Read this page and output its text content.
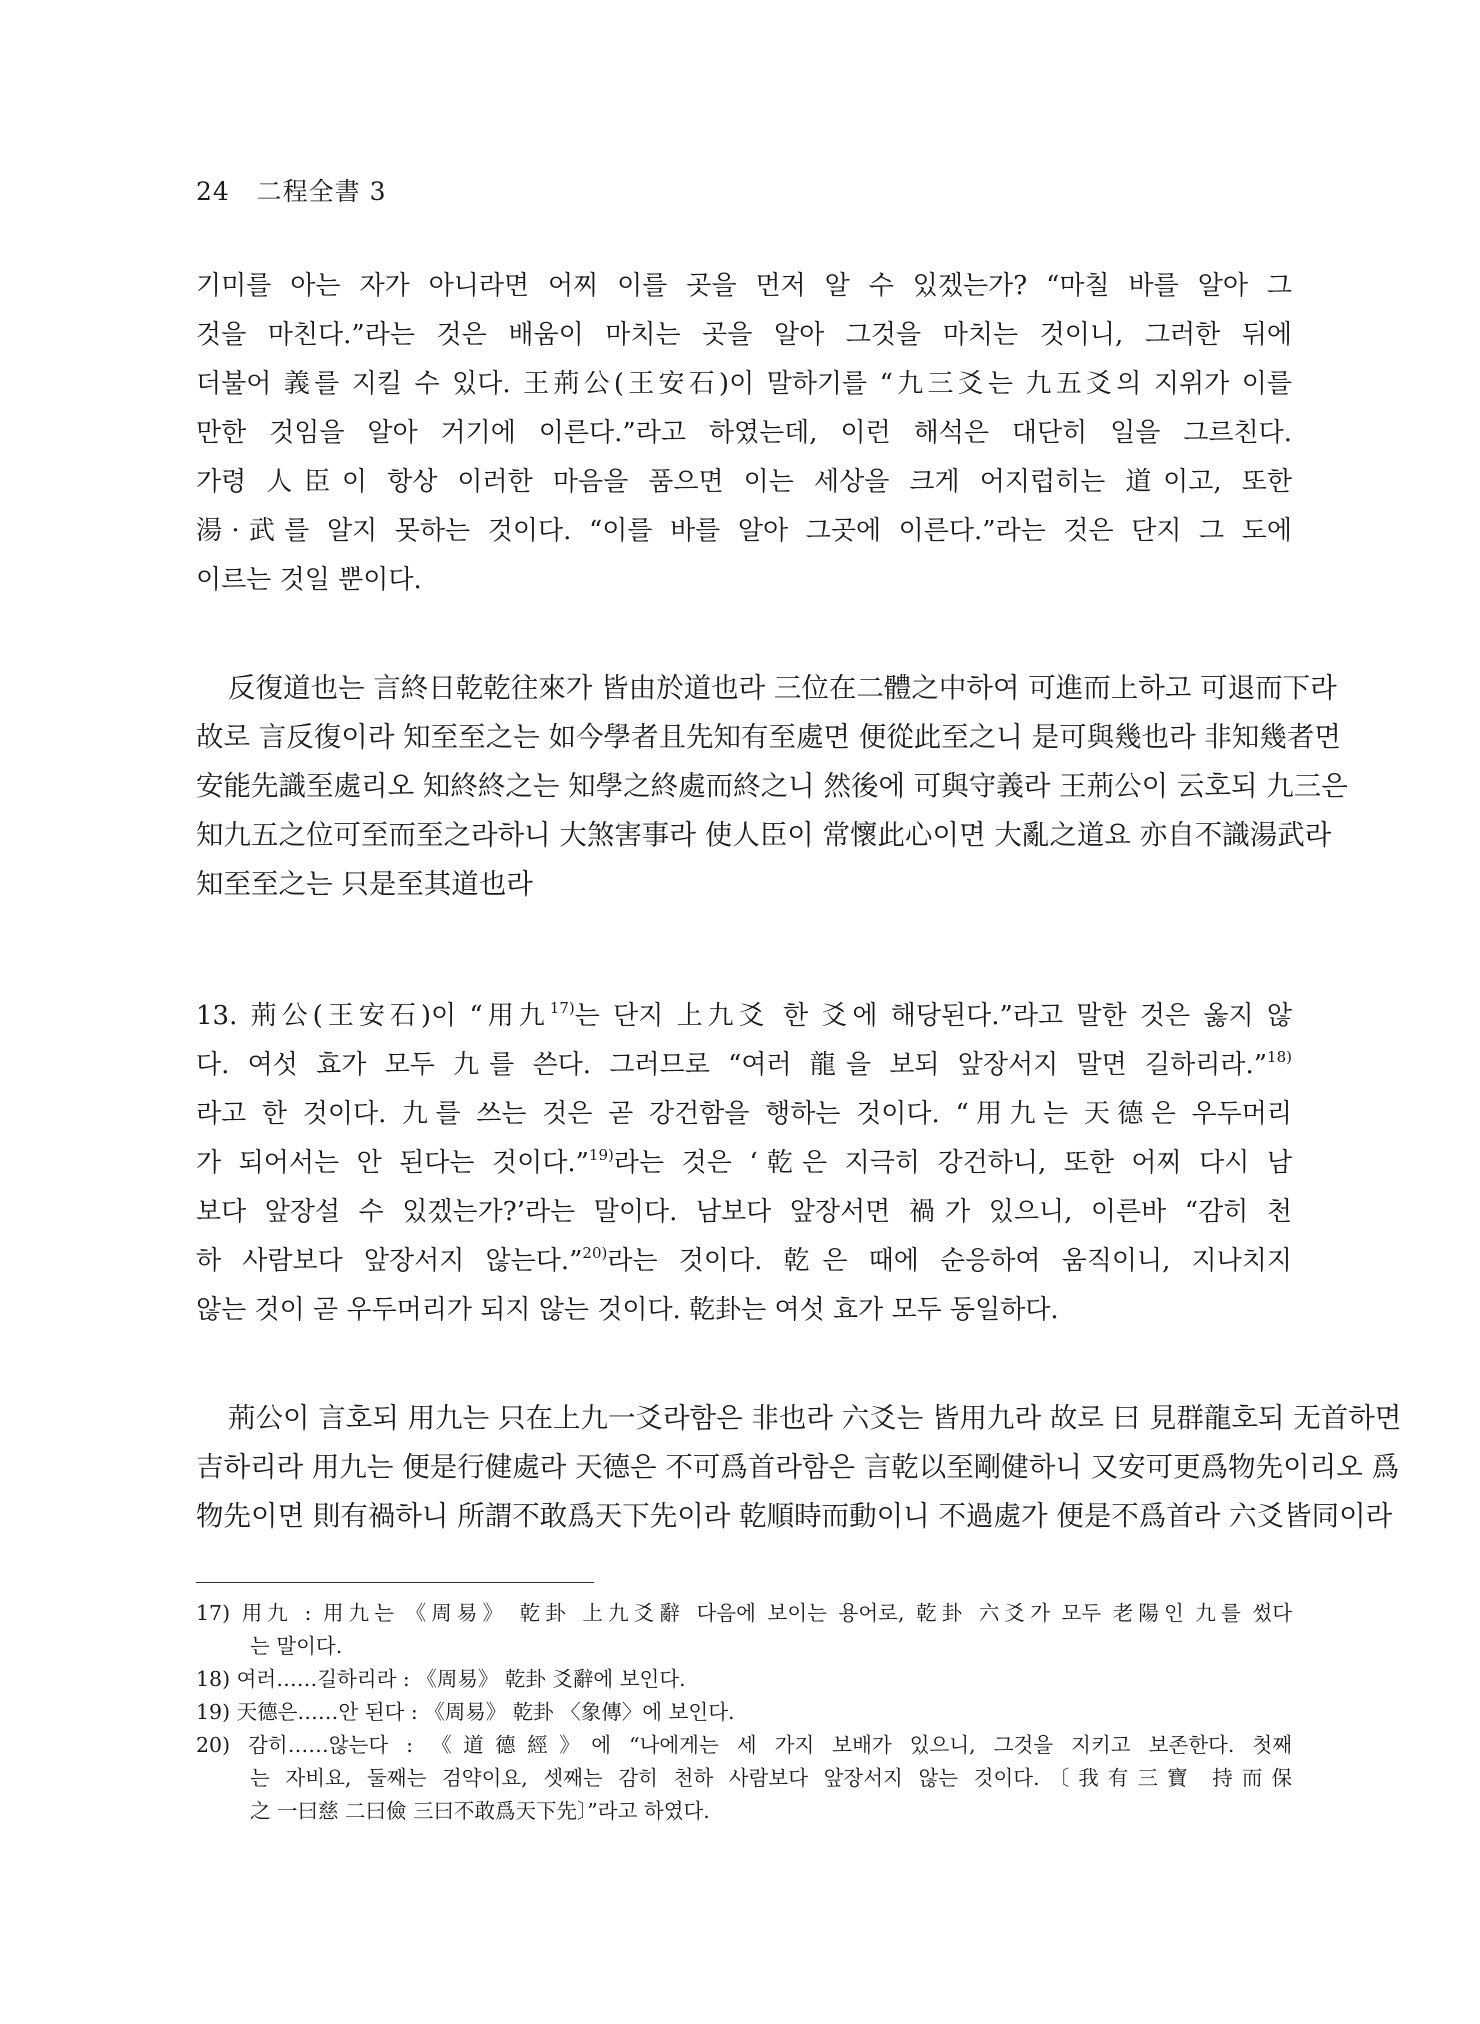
24 二程全書 3
기미를 아는 자가 아니라면 어찌 이를 곳을 먼저 알 수 있겠는가? “마칠 바를 알아 그
것을 마친다.”라는 것은 배움이 마치는 곳을 알아 그것을 마치는 것이니, 그러한 뒤에
더불어 義를 지킬 수 있다. 王荊公(王安石)이 말하기를 “九三爻는 九五爻의 지위가 이를
만한 것임을 알아 거기에 이른다.”라고 하였는데, 이런 해석은 대단히 일을 그르친다.
가령 人臣이 항상 이러한 마음을 품으면 이는 세상을 크게 어지럽히는 道이고, 또한
湯·武를 알지 못하는 것이다. “이를 바를 알아 그곳에 이른다.”라는 것은 단지 그 도에
이르는 것일 뿐이다.
反復道也는 言終日乾乾往來가 皆由於道也라 三位在二體之中하여 可進而上하고 可退而下라
故로 言反復이라 知至至之는 如今學者且先知有至處면 便從此至之니 是可與幾也라 非知幾者면
安能先識至處리오 知終終之는 知學之終處而終之니 然後에 可與守義라 王荊公이 云호되 九三은
知九五之位可至而至之라하니 大煞害事라 使人臣이 常懷此心이면 大亂之道요 亦自不識湯武라
知至至之는 只是至其道也라
13. 荊公(王安石)이 “用九$^{17)}$는 단지 上九爻 한 爻에 해당된다.”라고 말한 것은 옳지 않
다. 여섯 효가 모두 九를 쓴다. 그러므로 “여러 龍을 보되 앞장서지 말면 길하리라.”$^{18)}$
라고 한 것이다. 九를 쓰는 것은 곧 강건함을 행하는 것이다. “用九는 天德은 우두머리
가 되어서는 안 된다는 것이다.”$^{19)}$라는 것은 ‘乾은 지극히 강건하니, 또한 어찌 다시 남
보다 앞장설 수 있겠는가?’라는 말이다. 남보다 앞장서면 禍가 있으니, 이른바 “감히 천
하 사람보다 앞장서지 않는다.”$^{20)}$라는 것이다. 乾은 때에 순응하여 움직이니, 지나치지
않는 것이 곧 우두머리가 되지 않는 것이다. 乾卦는 여섯 효가 모두 동일하다.
荊公이 言호되 用九는 只在上九一爻라함은 非也라 六爻는 皆用九라 故로 曰 見群龍호되 无首하면
吉하리라 用九는 便是行健處라 天德은 不可爲首라함은 言乾以至剛健하니 又安可更爲物先이리오 爲
物先이면 則有禍하니 所謂不敢爲天下先이라 乾順時而動이니 不過處가 便是不爲首라 六爻皆同이라
17) 用九 : 用九는 《周易》 乾卦 上九爻辭 다음에 보이는 용어로, 乾卦 六爻가 모두 老陽인 九를 썼다
는 말이다.
18) 여러……길하리라 : 《周易》 乾卦 爻辭에 보인다.
19) 天德은……안 된다 : 《周易》 乾卦 〈象傳〉에 보인다.
20) 감히……않는다 : 《道德經》에 “나에게는 세 가지 보배가 있으니, 그것을 지키고 보존한다. 첫째
는 자비요, 둘째는 검약이요, 셋째는 감히 천하 사람보다 앞장서지 않는 것이다.〔我有三寶 持而保
之 一曰慈 二曰儉 三曰不敢爲天下先〕”라고 하였다.
